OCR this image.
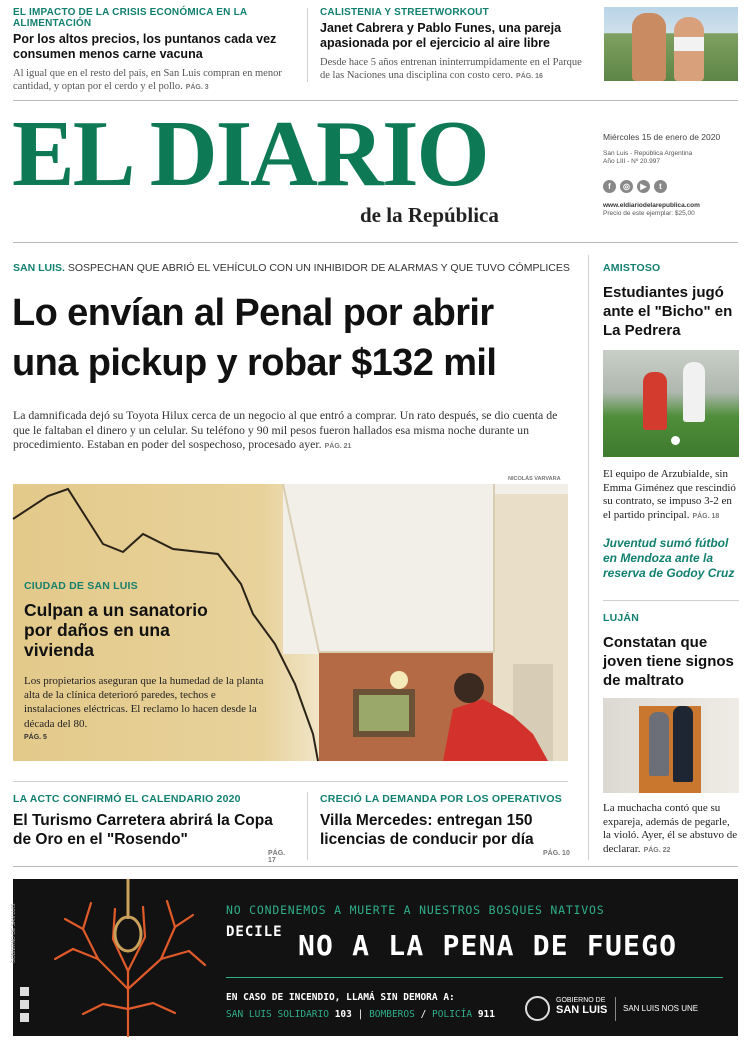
EL IMPACTO DE LA CRISIS ECONÓMICA EN LA ALIMENTACIÓN
Por los altos precios, los puntanos cada vez consumen menos carne vacuna
Al igual que en el resto del país, en San Luis compran en menor cantidad, y optan por el cerdo y el pollo. PÁG. 3
CALISTENIA Y STREETWORKOUT
Janet Cabrera y Pablo Funes, una pareja apasionada por el ejercicio al aire libre
Desde hace 5 años entrenan ininterrumpidamente en el Parque de las Naciones una disciplina con costo cero. PÁG. 16
EL DIARIO
de la República
Miércoles 15 de enero de 2020
San Luis - República Argentina
Año LIII - Nº 20.997
f ◎ ▶ t
www.eldiariodelarepublica.com
Precio de este ejemplar: $25,00
SAN LUIS. SOSPECHAN QUE ABRIÓ EL VEHÍCULO CON UN INHIBIDOR DE ALARMAS Y QUE TUVO CÓMPLICES
Lo envían al Penal por abrir
una pickup y robar $132 mil
La damnificada dejó su Toyota Hilux cerca de un negocio al que entró a comprar. Un rato después, se dio cuenta de que le faltaban el dinero y un celular. Su teléfono y 90 mil pesos fueron hallados esa misma noche durante un procedimiento. Estaban en poder del sospechoso, procesado ayer. PÁG. 21
NICOLÁS VARVARA
CIUDAD DE SAN LUIS
Culpan a un sanatorio por daños en una vivienda
Los propietarios aseguran que la humedad de la planta alta de la clínica deterioró paredes, techos e instalaciones eléctricas. El reclamo lo hacen desde la década del 80.
PÁG. 5
LA ACTC CONFIRMÓ EL CALENDARIO 2020
El Turismo Carretera abrirá la Copa de Oro en el "Rosendo"
PÁG. 17
CRECIÓ LA DEMANDA POR LOS OPERATIVOS
Villa Mercedes: entregan 150 licencias de conducir por día
PÁG. 10
AMISTOSO
Estudiantes jugó ante el "Bicho" en La Pedrera
El equipo de Arzubialde, sin Emma Giménez que rescindió su contrato, se impuso 3-2 en el partido principal. PÁG. 18
Juventud sumó fútbol en Mendoza ante la reserva de Godoy Cruz
LUJÁN
Constatan que joven tiene signos de maltrato
La muchacha contó que su expareja, además de pegarle, la violó. Ayer, él se abstuvo de declarar. PÁG. 22
GOBIERNO DE SAN LUIS	NO CONDENEMOS A MUERTE A NUESTROS BOSQUES NATIVOS
DECILE NO A LA PENA DE FUEGO
EN CASO DE INCENDIO, LLAMÁ SIN DEMORA A:
SAN LUIS SOLIDARIO 103 | BOMBEROS / POLICÍA 911
GOBIERNO DE
SAN LUIS SAN LUIS NOS UNE
